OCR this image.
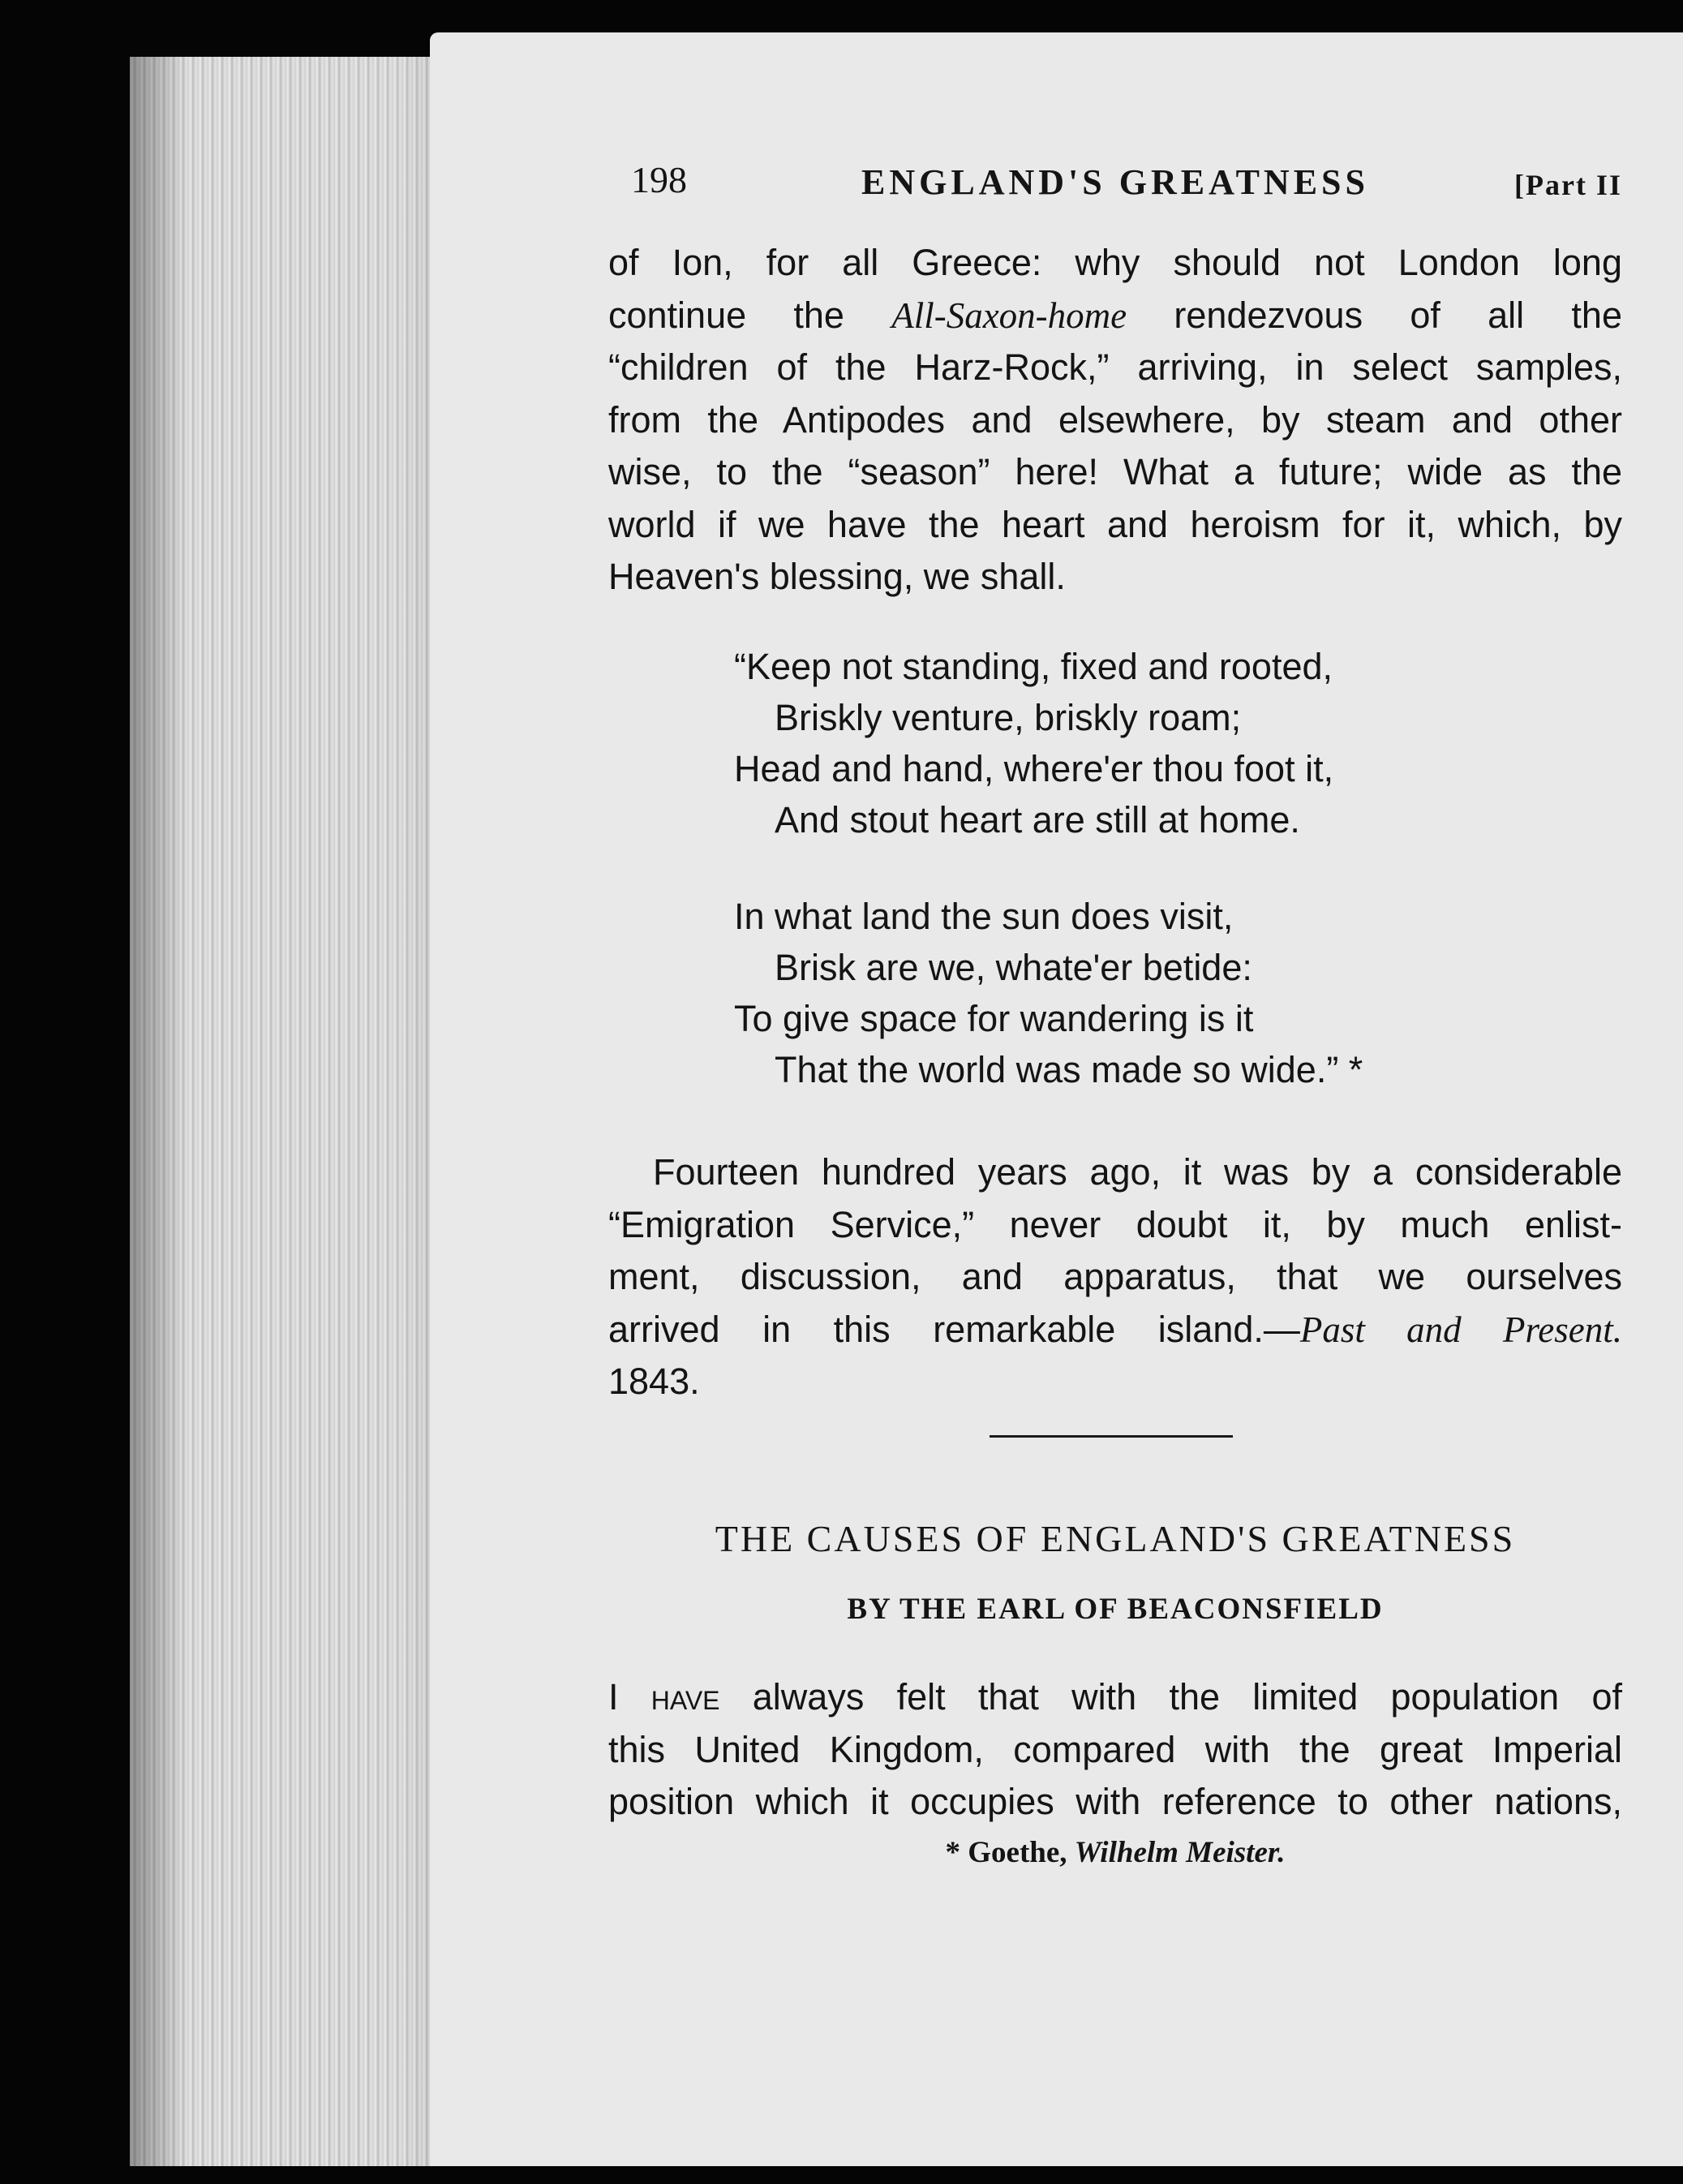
198	ENGLAND'S GREATNESS	[Part II
of Ion, for all Greece: why should not London long
continue the All-Saxon-home rendezvous of all the
“children of the Harz-Rock,” arriving, in select samples,
from the Antipodes and elsewhere, by steam and other
wise, to the “season” here! What a future; wide as the
world if we have the heart and heroism for it, which, by
Heaven's blessing, we shall.
“Keep not standing, fixed and rooted,
Briskly venture, briskly roam;
Head and hand, where'er thou foot it,
And stout heart are still at home.
In what land the sun does visit,
Brisk are we, whate'er betide:
To give space for wandering is it
That the world was made so wide.” *
Fourteen hundred years ago, it was by a considerable
“Emigration Service,” never doubt it, by much enlist-
ment, discussion, and apparatus, that we ourselves
arrived in this remarkable island.—Past and Present.
1843.
THE CAUSES OF ENGLAND'S GREATNESS
BY THE EARL OF BEACONSFIELD
I have always felt that with the limited population of
this United Kingdom, compared with the great Imperial
position which it occupies with reference to other nations,
* Goethe, Wilhelm Meister.
